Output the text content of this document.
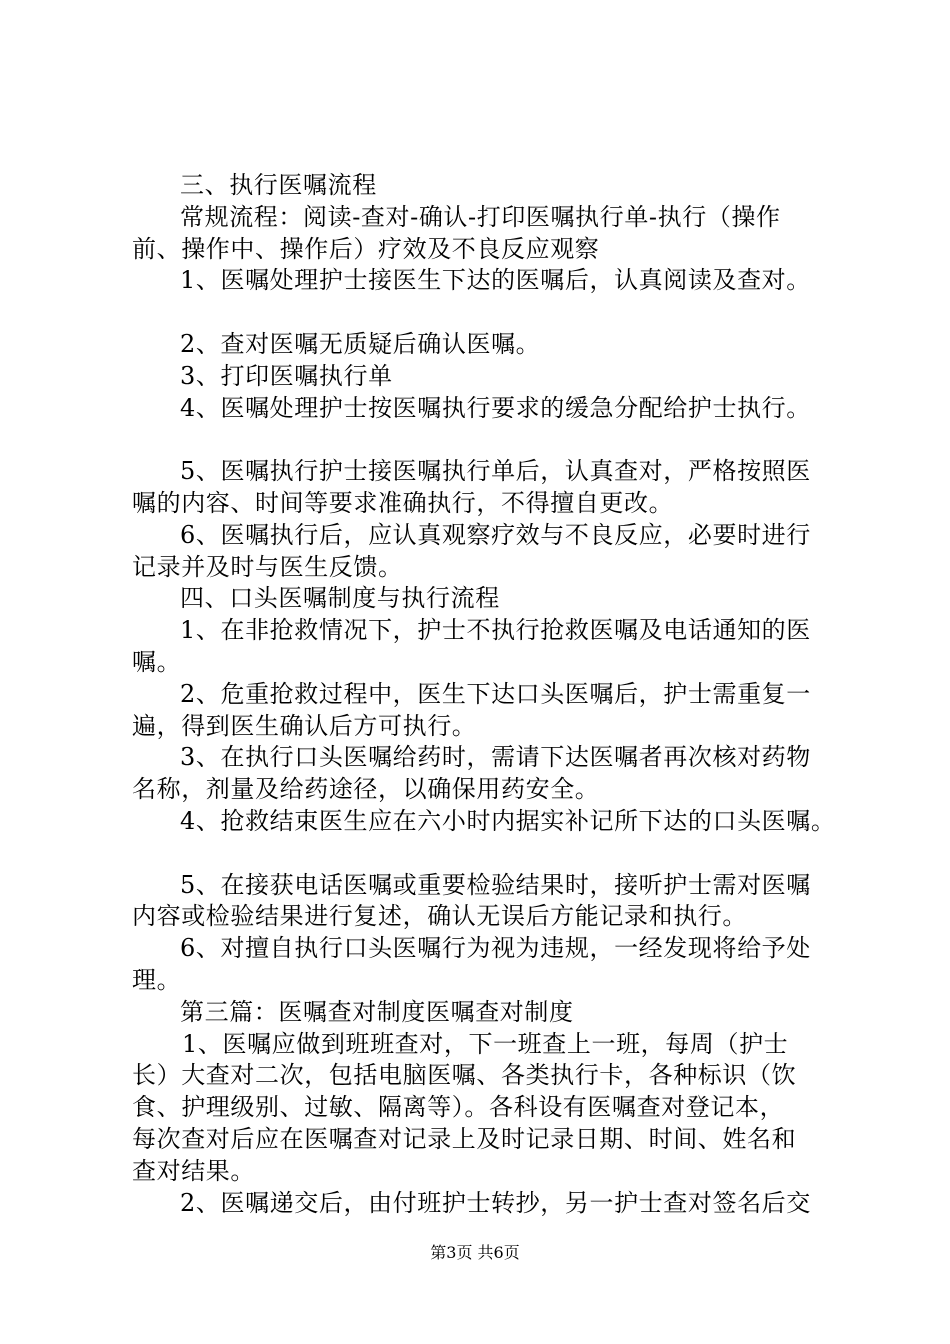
三、执行医嘱流程
常规流程：阅读-查对-确认-打印医嘱执行单-执行（操作
前、操作中、操作后）疗效及不良反应观察
1、医嘱处理护士接医生下达的医嘱后，认真阅读及查对。
2、查对医嘱无质疑后确认医嘱。
3、打印医嘱执行单
4、医嘱处理护士按医嘱执行要求的缓急分配给护士执行。
5、医嘱执行护士接医嘱执行单后，认真查对，严格按照医
嘱的内容、时间等要求准确执行，不得擅自更改。
6、医嘱执行后，应认真观察疗效与不良反应，必要时进行
记录并及时与医生反馈。
四、口头医嘱制度与执行流程
1、在非抢救情况下，护士不执行抢救医嘱及电话通知的医
嘱。
2、危重抢救过程中，医生下达口头医嘱后，护士需重复一
遍，得到医生确认后方可执行。
3、在执行口头医嘱给药时，需请下达医嘱者再次核对药物
名称，剂量及给药途径，以确保用药安全。
4、抢救结束医生应在六小时内据实补记所下达的口头医嘱。
5、在接获电话医嘱或重要检验结果时，接听护士需对医嘱
内容或检验结果进行复述，确认无误后方能记录和执行。
6、对擅自执行口头医嘱行为视为违规，一经发现将给予处
理。
第三篇：医嘱查对制度医嘱查对制度
1、医嘱应做到班班查对，下一班查上一班，每周（护士
长）大查对二次，包括电脑医嘱、各类执行卡，各种标识（饮
食、护理级别、过敏、隔离等）。各科设有医嘱查对登记本，
每次查对后应在医嘱查对记录上及时记录日期、时间、姓名和
查对结果。
2、医嘱递交后，由付班护士转抄，另一护士查对签名后交
第3页 共6页
